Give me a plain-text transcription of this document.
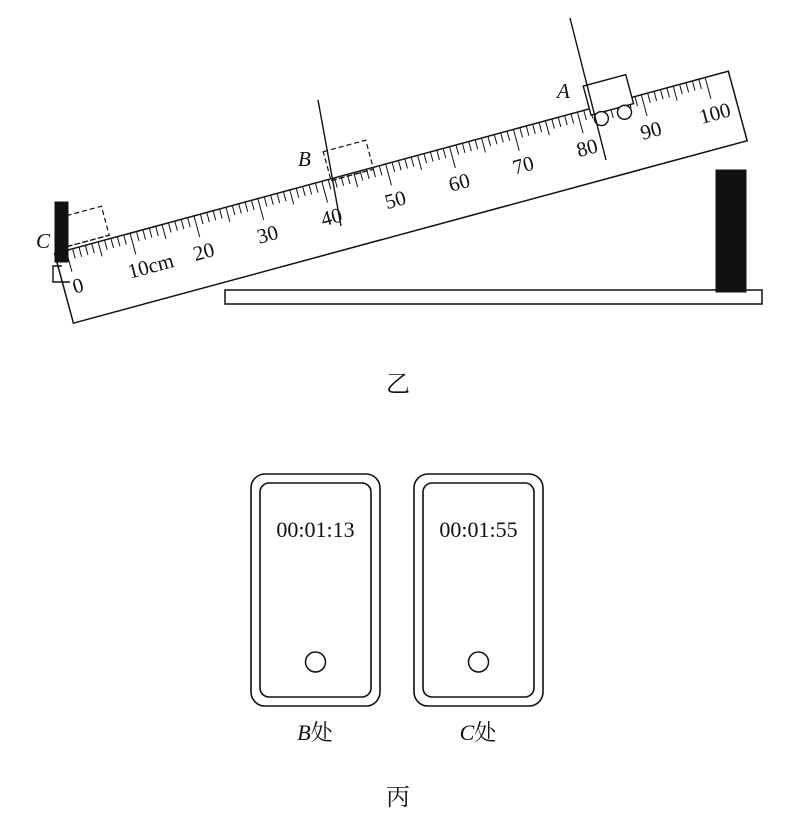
0
10cm 20
30
40
50
60
70
80
90
100
A
B
C
乙
00:01:13	00:01:55
B处	C处
丙
